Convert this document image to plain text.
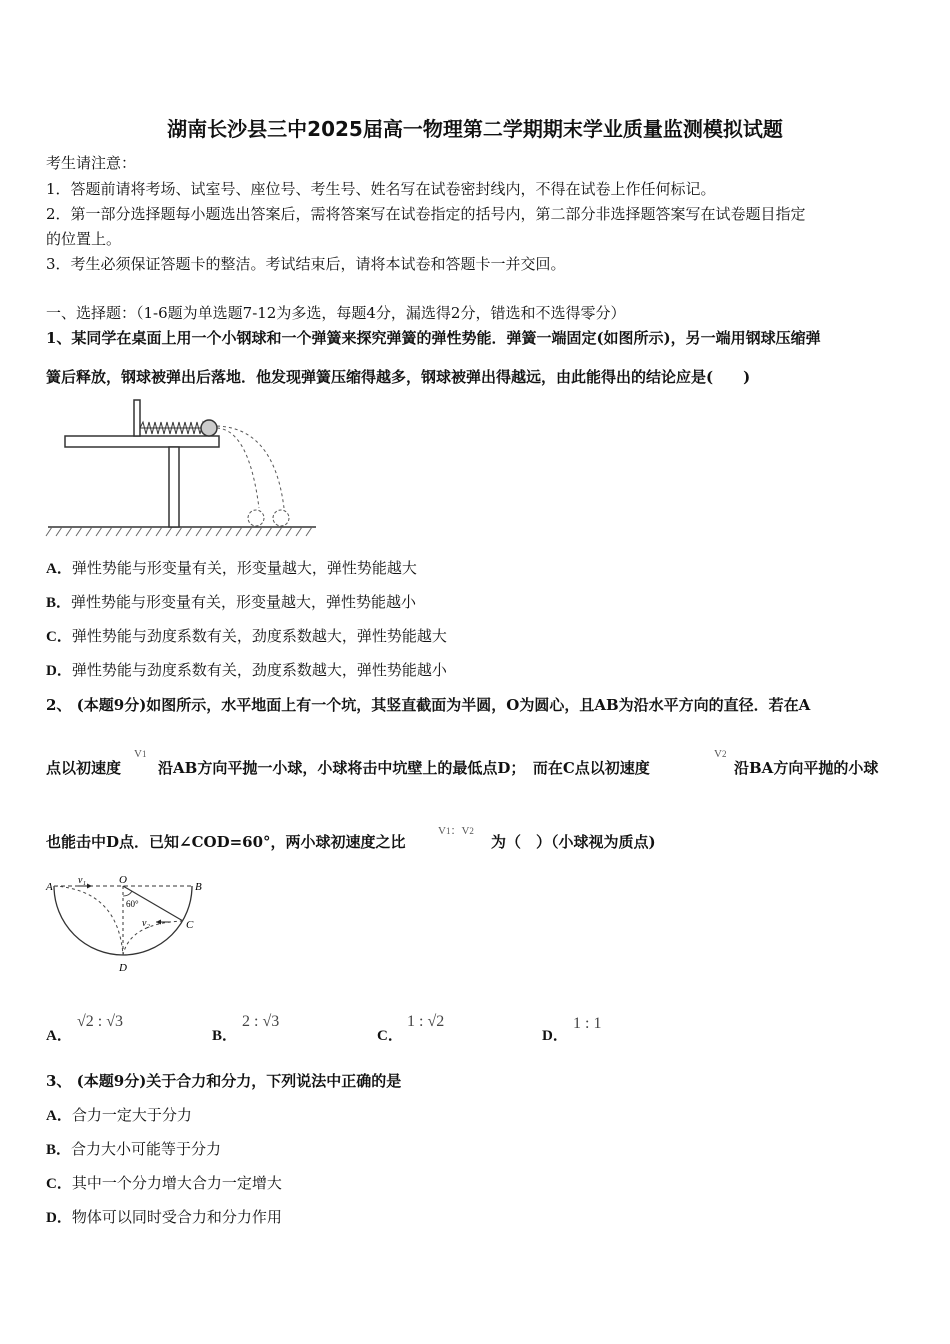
湖南长沙县三中2025届高一物理第二学期期末学业质量监测模拟试题
考生请注意：
1．答题前请将考场、试室号、座位号、考生号、姓名写在试卷密封线内，不得在试卷上作任何标记。
2．第一部分选择题每小题选出答案后，需将答案写在试卷指定的括号内，第二部分非选择题答案写在试卷题目指定
的位置上。
3．考生必须保证答题卡的整洁。考试结束后，请将本试卷和答题卡一并交回。
一、选择题：（1-6题为单选题7-12为多选，每题4分，漏选得2分，错选和不选得零分）
1、某同学在桌面上用一个小钢球和一个弹簧来探究弹簧的弹性势能．弹簧一端固定(如图所示)，另一端用钢球压缩弹
簧后释放，钢球被弹出后落地．他发现弹簧压缩得越多，钢球被弹出得越远，由此能得出的结论应是(　　)
A．弹性势能与形变量有关，形变量越大，弹性势能越大
B．弹性势能与形变量有关，形变量越大，弹性势能越小
C．弹性势能与劲度系数有关，劲度系数越大，弹性势能越大
D．弹性势能与劲度系数有关，劲度系数越大，弹性势能越小
2、 (本题9分)如图所示，水平地面上有一个坑，其竖直截面为半圆，O为圆心，且AB为沿水平方向的直径．若在A
点以初速度
V1
沿AB方向平抛一小球，小球将击中坑壁上的最低点D；　而在C点以初速度
V2
沿BA方向平抛的小球
也能击中D点．已知∠COD=60°，两小球初速度之比
V1：V2
为（　）（小球视为质点)
A
O
B
C
D
60°
v₁
v₂
A．
√2 : √3
B．
2 : √3
C．
1 : √2
D．
1 : 1
3、 (本题9分)关于合力和分力，下列说法中正确的是
A．合力一定大于分力
B．合力大小可能等于分力
C．其中一个分力增大合力一定增大
D．物体可以同时受合力和分力作用
